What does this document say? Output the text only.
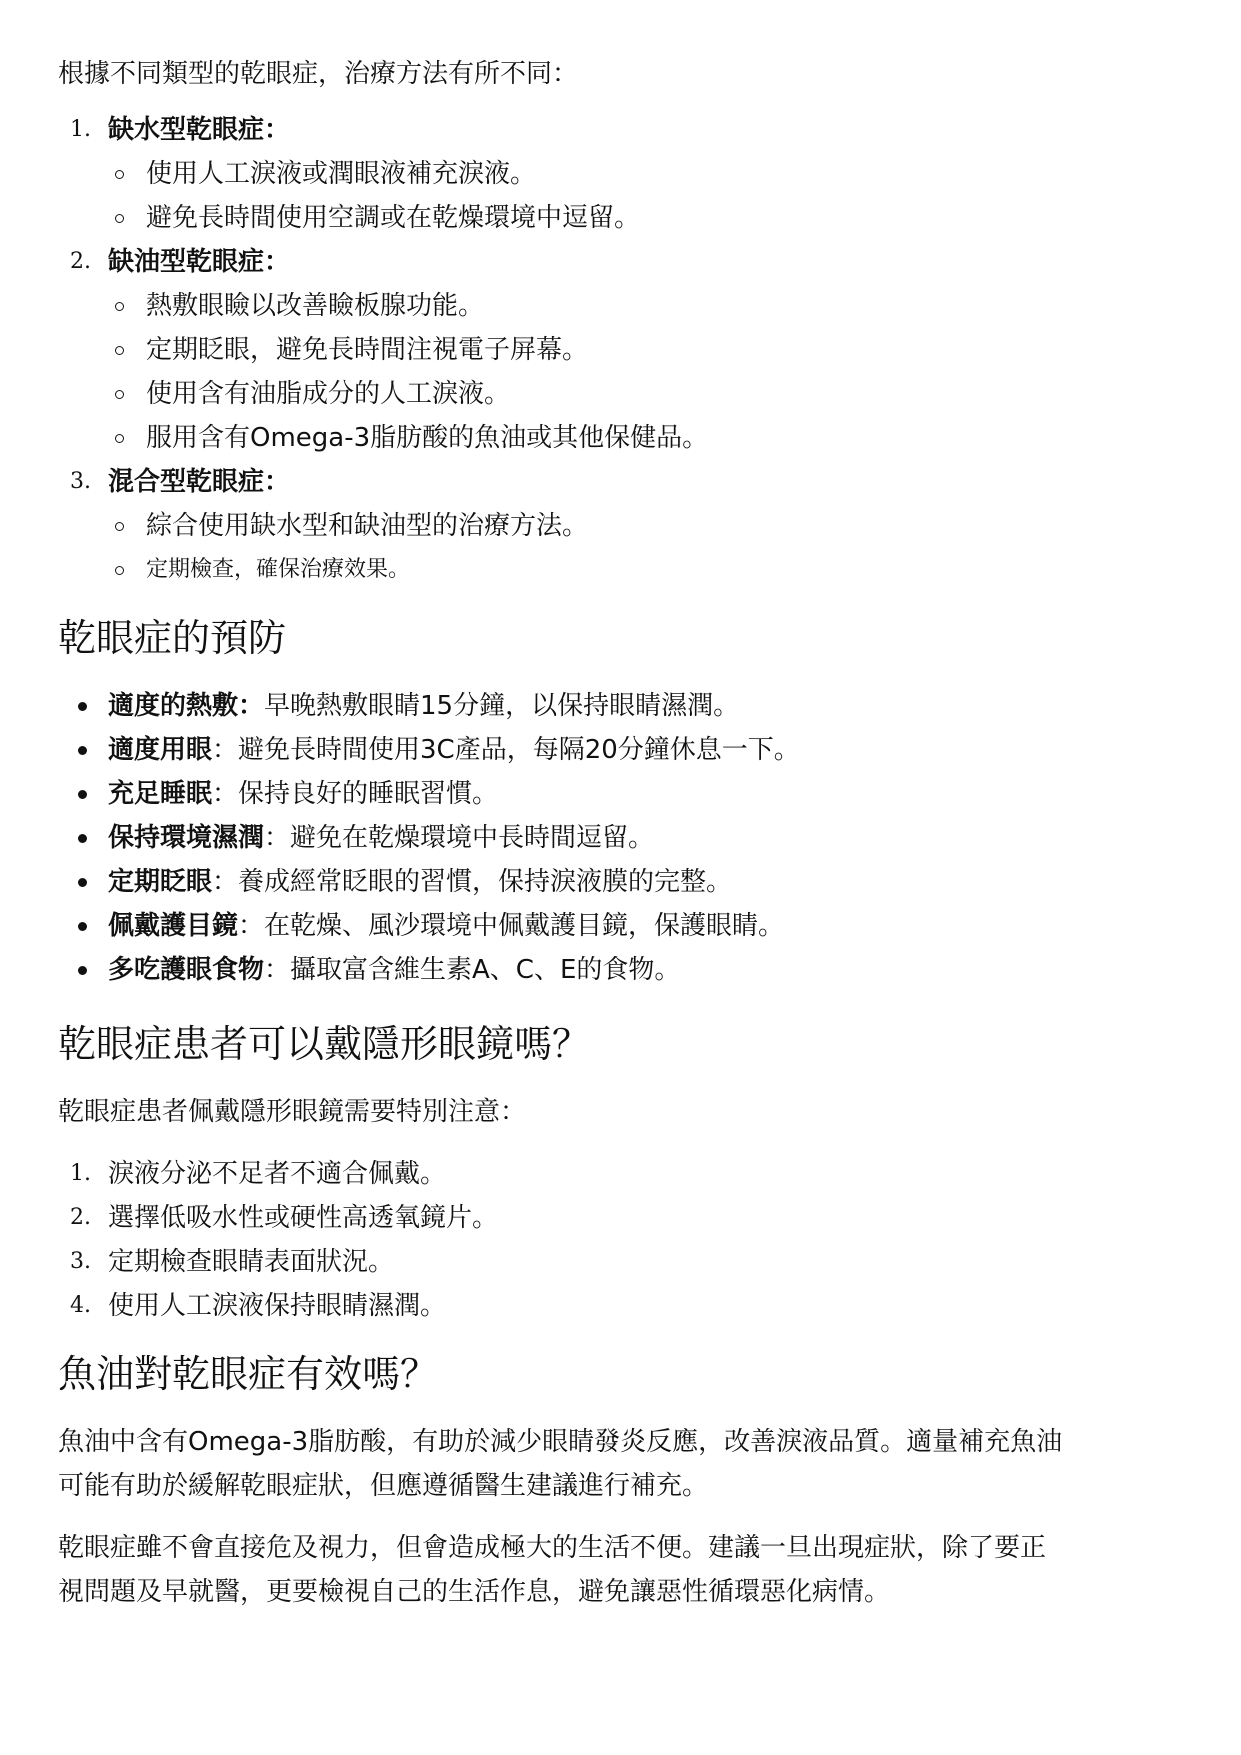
根據不同類型的乾眼症，治療方法有所不同：

1. 缺水型乾眼症：
使用人工淚液或潤眼液補充淚液。
避免長時間使用空調或在乾燥環境中逗留。
2. 缺油型乾眼症：
熱敷眼瞼以改善瞼板腺功能。
定期眨眼，避免長時間注視電子屏幕。
使用含有油脂成分的人工淚液。
服用含有Omega-3脂肪酸的魚油或其他保健品。
3. 混合型乾眼症：
綜合使用缺水型和缺油型的治療方法。
定期檢查，確保治療效果。
乾眼症的預防
適度的熱敷：早晚熱敷眼睛15分鐘，以保持眼睛濕潤。
適度用眼：避免長時間使用3C產品，每隔20分鐘休息一下。
充足睡眠：保持良好的睡眠習慣。
保持環境濕潤：避免在乾燥環境中長時間逗留。
定期眨眼：養成經常眨眼的習慣，保持淚液膜的完整。
佩戴護目鏡：在乾燥、風沙環境中佩戴護目鏡，保護眼睛。
多吃護眼食物：攝取富含維生素A、C、E的食物。
乾眼症患者可以戴隱形眼鏡嗎？

乾眼症患者佩戴隱形眼鏡需要特別注意：

1. 淚液分泌不足者不適合佩戴。
2. 選擇低吸水性或硬性高透氧鏡片。
3. 定期檢查眼睛表面狀況。
4. 使用人工淚液保持眼睛濕潤。
魚油對乾眼症有效嗎？

魚油中含有Omega-3脂肪酸，有助於減少眼睛發炎反應，改善淚液品質。適量補充魚油
可能有助於緩解乾眼症狀，但應遵循醫生建議進行補充。

乾眼症雖不會直接危及視力，但會造成極大的生活不便。建議一旦出現症狀，除了要正
視問題及早就醫，更要檢視自己的生活作息，避免讓惡性循環惡化病情。
